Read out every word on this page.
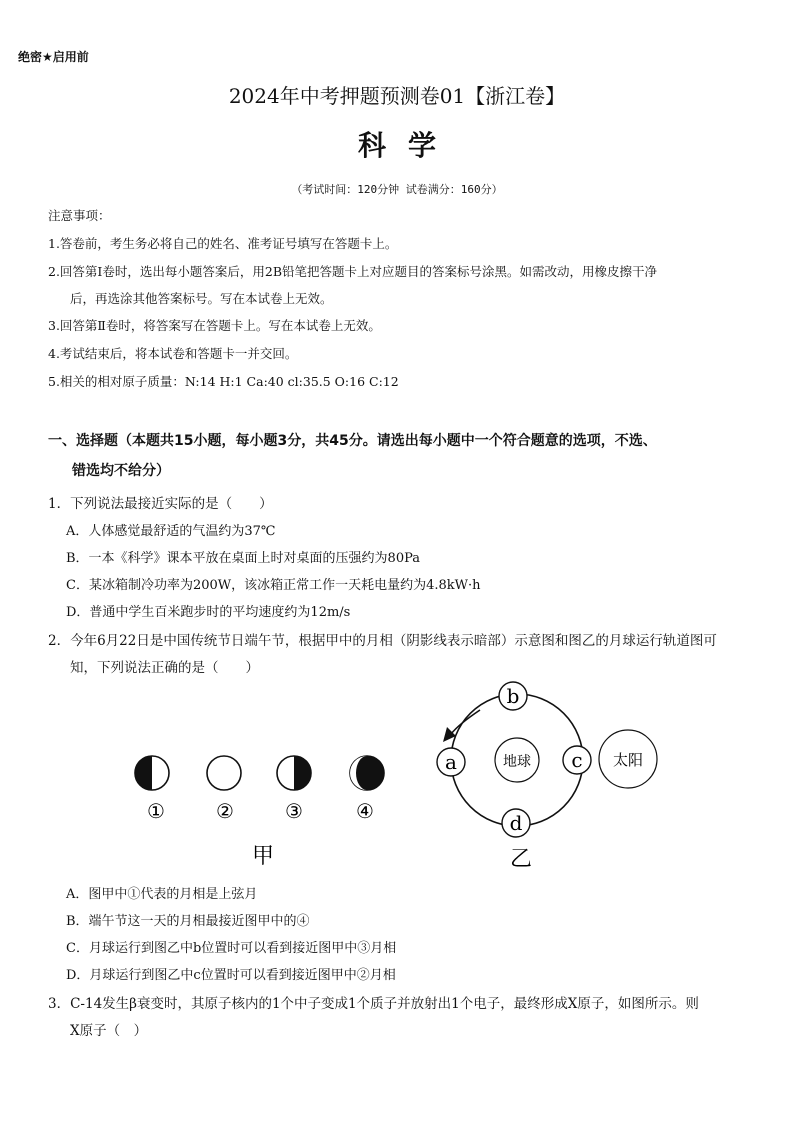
绝密★启用前
2024年中考押题预测卷01【浙江卷】
科学
（考试时间：120分钟 试卷满分：160分）
注意事项：
1.答卷前，考生务必将自己的姓名、准考证号填写在答题卡上。
2.回答第Ⅰ卷时，选出每小题答案后，用2B铅笔把答题卡上对应题目的答案标号涂黑。如需改动，用橡皮擦干净
后，再选涂其他答案标号。写在本试卷上无效。
3.回答第Ⅱ卷时，将答案写在答题卡上。写在本试卷上无效。
4.考试结束后，将本试卷和答题卡一并交回。
5.相关的相对原子质量：N:14 H:1 Ca:40 cl:35.5 O:16 C:12
一、选择题（本题共15小题，每小题3分，共45分。请选出每小题中一个符合题意的选项，不选、
错选均不给分）
1．下列说法最接近实际的是（　　）
A．人体感觉最舒适的气温约为37℃
B．一本《科学》课本平放在桌面上时对桌面的压强约为80Pa
C．某冰箱制冷功率为200W，该冰箱正常工作一天耗电量约为4.8kW·h
D．普通中学生百米跑步时的平均速度约为12m/s
2．今年6月22日是中国传统节日端午节，根据甲中的月相（阴影线表示暗部）示意图和图乙的月球运行轨道图可
知，下列说法正确的是（　　）
①	②	③	④
甲
地球
b
a	c
d
太阳
乙
A．图甲中①代表的月相是上弦月
B．端午节这一天的月相最接近图甲中的④
C．月球运行到图乙中b位置时可以看到接近图甲中③月相
D．月球运行到图乙中c位置时可以看到接近图甲中②月相
3．C-14发生β衰变时，其原子核内的1个中子变成1个质子并放射出1个电子，最终形成X原子，如图所示。则
X原子（　）
